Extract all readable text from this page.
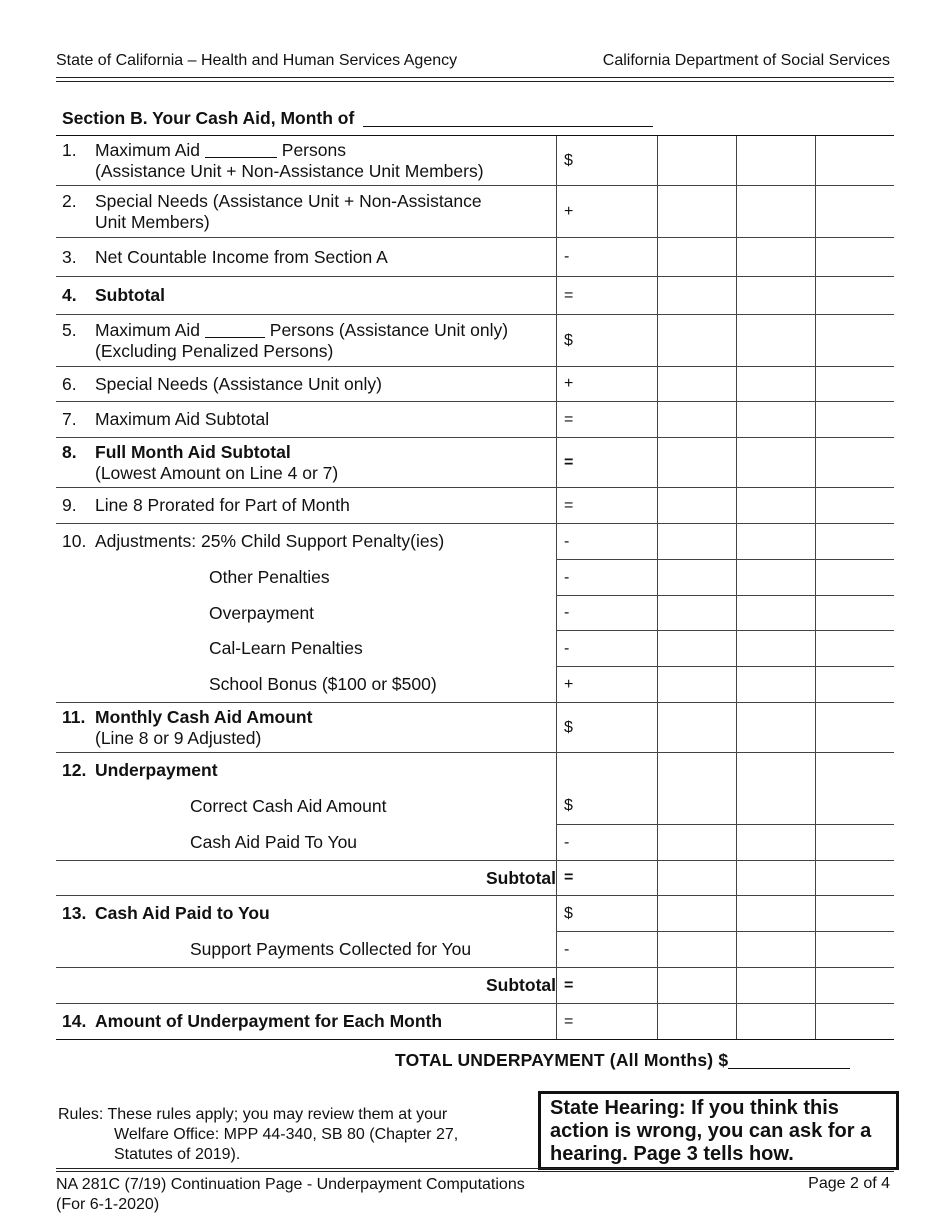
State of California – Health and Human Services Agency	California Department of Social Services
Section B. Your Cash Aid, Month of
1. Maximum Aid Persons
(Assistance Unit + Non-Assistance Unit Members)	$			

2. Special Needs (Assistance Unit + Non-Assistance
Unit Members)	+			

3. Net Countable Income from Section A	-			

4. Subtotal	=			

5. Maximum Aid Persons (Assistance Unit only)
(Excluding Penalized Persons)	$			

6. Special Needs (Assistance Unit only)	+			

7. Maximum Aid Subtotal	=			

8. Full Month Aid Subtotal
(Lowest Amount on Line 4 or 7)	=			

9. Line 8 Prorated for Part of Month	=			

10. Adjustments: 25% Child Support Penalty(ies)	-			

Other Penalties	-			

Overpayment	-			

Cal-Learn Penalties	-			

School Bonus ($100 or $500)	+			

11. Monthly Cash Aid Amount
(Line 8 or 9 Adjusted)	$			

12. Underpayment				

Correct Cash Aid Amount	$			

Cash Aid Paid To You	-			
Subtotal	=			

13. Cash Aid Paid to You	$			

Support Payments Collected for You	-			
Subtotal	=			

14. Amount of Underpayment for Each Month	=			
TOTAL UNDERPAYMENT (All Months) $
Rules: These rules apply; you may review them at your
Welfare Office: MPP 44-340, SB 80 (Chapter 27,
Statutes of 2019).
State Hearing: If you think this action is wrong, you can ask for a hearing. Page 3 tells how.
NA 281C (7/19) Continuation Page - Underpayment Computations
(For 6-1-2020)
Page 2 of 4
